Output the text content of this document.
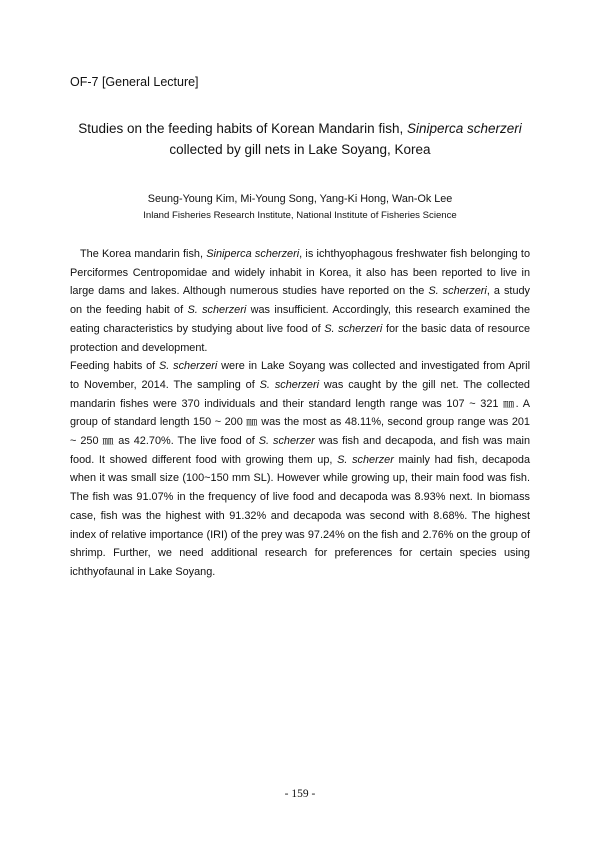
OF-7 [General Lecture]
Studies on the feeding habits of Korean Mandarin fish, Siniperca scherzeri collected by gill nets in Lake Soyang, Korea
Seung-Young Kim, Mi-Young Song, Yang-Ki Hong, Wan-Ok Lee
Inland Fisheries Research Institute, National Institute of Fisheries Science

The Korea mandarin fish, Siniperca scherzeri, is ichthyophagous freshwater fish belonging to Perciformes Centropomidae and widely inhabit in Korea, it also has been reported to live in large dams and lakes. Although numerous studies have reported on the S. scherzeri, a study on the feeding habit of S. scherzeri was insufficient. Accordingly, this research examined the eating characteristics by studying about live food of S. scherzeri for the basic data of resource protection and development.

Feeding habits of S. scherzeri were in Lake Soyang was collected and investigated from April to November, 2014. The sampling of S. scherzeri was caught by the gill net. The collected mandarin fishes were 370 individuals and their standard length range was 107 ~ 321 ㎜. A group of standard length 150 ~ 200 ㎜ was the most as 48.11%, second group range was 201 ~ 250 ㎜ as 42.70%. The live food of S. scherzer was fish and decapoda, and fish was main food. It showed different food with growing them up, S. scherzer mainly had fish, decapoda when it was small size (100~150 mm SL). However while growing up, their main food was fish. The fish was 91.07% in the frequency of live food and decapoda was 8.93% next. In biomass case, fish was the highest with 91.32% and decapoda was second with 8.68%. The highest index of relative importance (IRI) of the prey was 97.24% on the fish and 2.76% on the group of shrimp. Further, we need additional research for preferences for certain species using ichthyofaunal in Lake Soyang.

- 159 -
